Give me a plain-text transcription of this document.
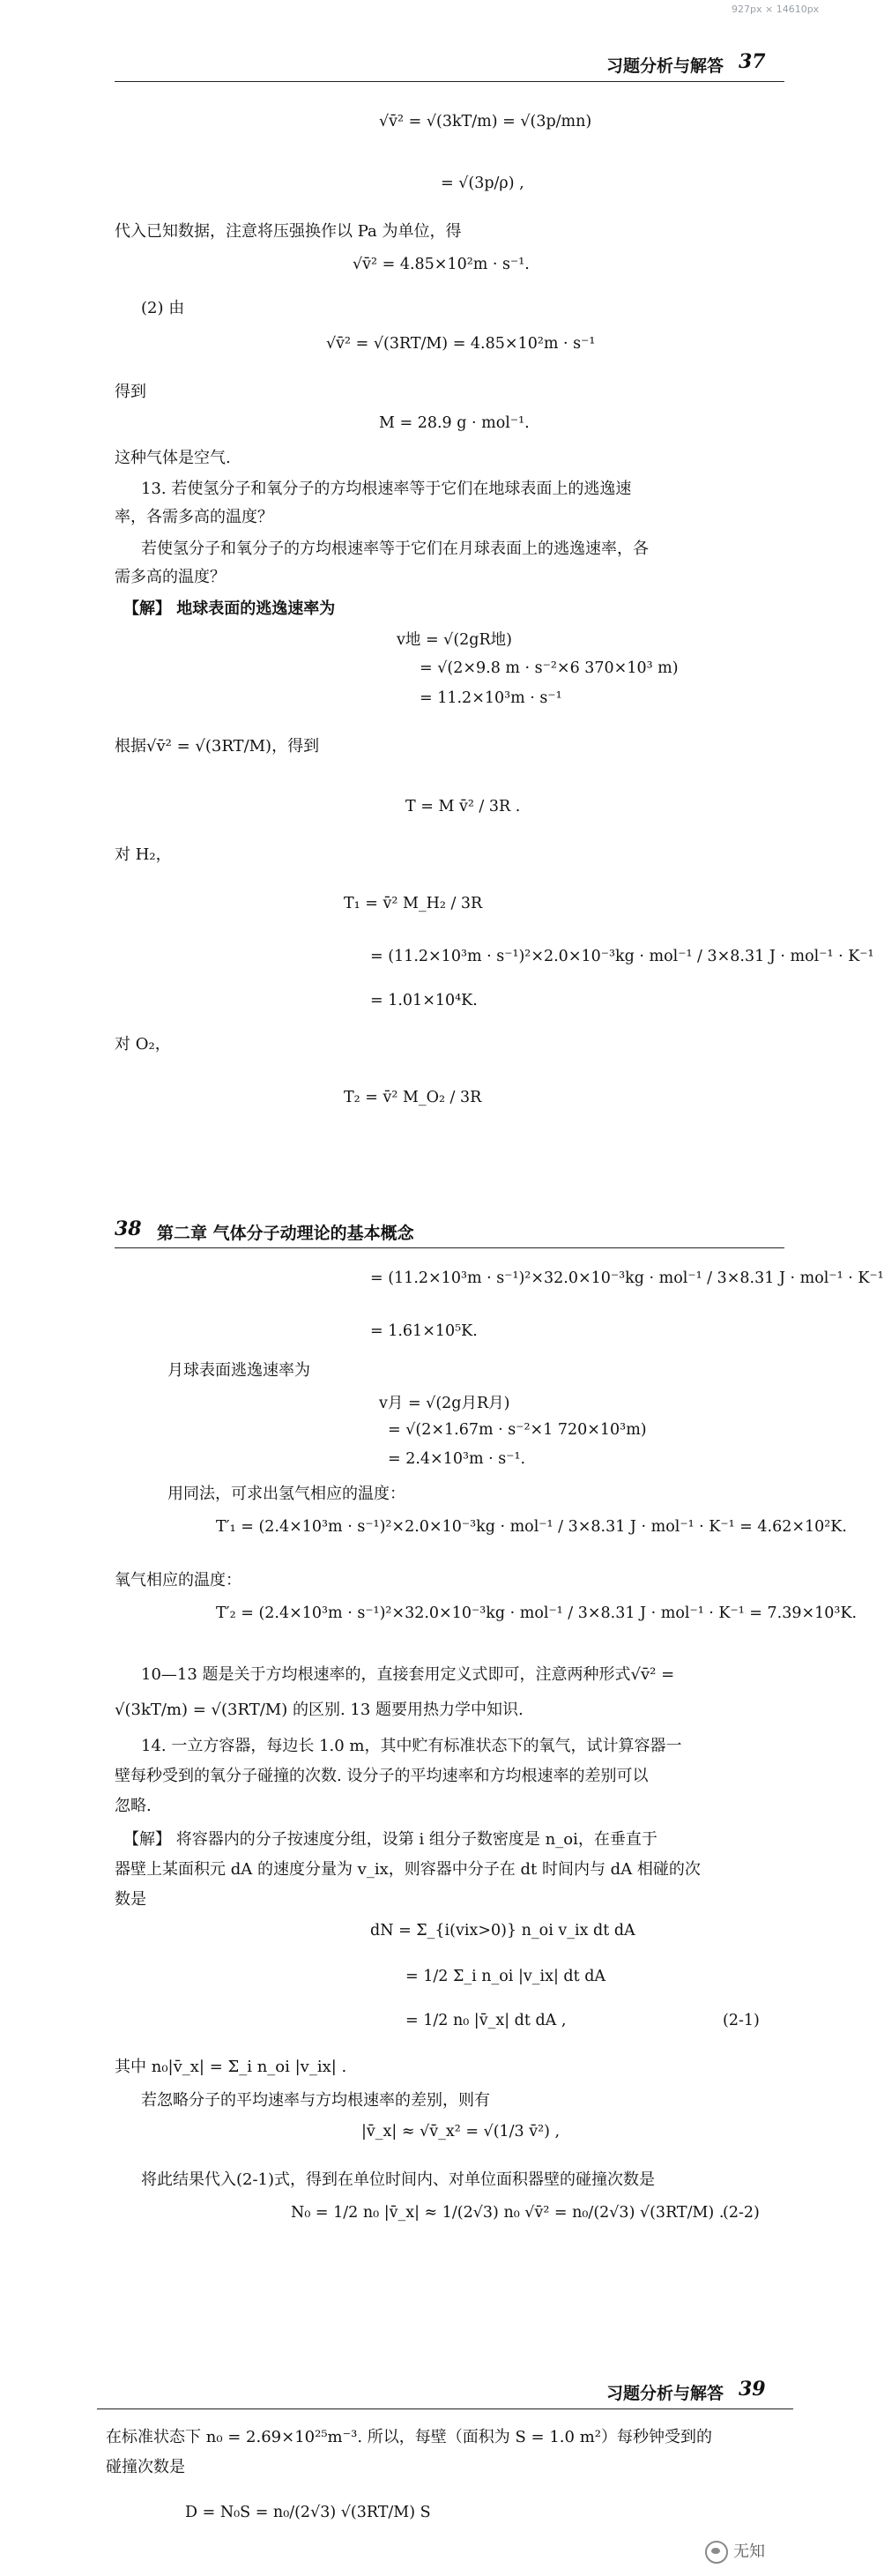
927px × 14610px
习题分析与解答 37
√v̄² = √(3kT/m) = √(3p/mn)
= √(3p/ρ) ,
代入已知数据，注意将压强换作以 Pa 为单位，得
√v̄² = 4.85×10²m · s⁻¹.
(2) 由
√v̄² = √(3RT/M) = 4.85×10²m · s⁻¹
得到
M = 28.9 g · mol⁻¹.
这种气体是空气.
13. 若使氢分子和氧分子的方均根速率等于它们在地球表面上的逃逸速
率，各需多高的温度？
若使氢分子和氧分子的方均根速率等于它们在月球表面上的逃逸速率，各
需多高的温度？
【解】 地球表面的逃逸速率为
v地 = √(2gR地)
= √(2×9.8 m · s⁻²×6 370×10³ m)
= 11.2×10³m · s⁻¹
根据√v̄² = √(3RT/M)，得到
T = M v̄² / 3R .
对 H₂，
T₁ = v̄² M_H₂ / 3R
= (11.2×10³m · s⁻¹)²×2.0×10⁻³kg · mol⁻¹ / 3×8.31 J · mol⁻¹ · K⁻¹
= 1.01×10⁴K.
对 O₂，
T₂ = v̄² M_O₂ / 3R
38 第二章 气体分子动理论的基本概念
= (11.2×10³m · s⁻¹)²×32.0×10⁻³kg · mol⁻¹ / 3×8.31 J · mol⁻¹ · K⁻¹
= 1.61×10⁵K.
月球表面逃逸速率为
v月 = √(2g月R月)
= √(2×1.67m · s⁻²×1 720×10³m)
= 2.4×10³m · s⁻¹.
用同法，可求出氢气相应的温度：
T′₁ = (2.4×10³m · s⁻¹)²×2.0×10⁻³kg · mol⁻¹ / 3×8.31 J · mol⁻¹ · K⁻¹ = 4.62×10²K.
氧气相应的温度：
T′₂ = (2.4×10³m · s⁻¹)²×32.0×10⁻³kg · mol⁻¹ / 3×8.31 J · mol⁻¹ · K⁻¹ = 7.39×10³K.
10—13 题是关于方均根速率的，直接套用定义式即可，注意两种形式√v̄² =
√(3kT/m) = √(3RT/M) 的区别. 13 题要用热力学中知识.
14. 一立方容器，每边长 1.0 m，其中贮有标准状态下的氧气，试计算容器一
壁每秒受到的氧分子碰撞的次数. 设分子的平均速率和方均根速率的差别可以
忽略.
【解】 将容器内的分子按速度分组，设第 i 组分子数密度是 n_oi，在垂直于
器壁上某面积元 dA 的速度分量为 v_ix，则容器中分子在 dt 时间内与 dA 相碰的次
数是
dN = Σ_{i(vix>0)} n_oi v_ix dt dA
= 1/2 Σ_i n_oi |v_ix| dt dA
= 1/2 n₀ |v̄_x| dt dA ,	(2-1)
其中 n₀|v̄_x| = Σ_i n_oi |v_ix| .
若忽略分子的平均速率与方均根速率的差别，则有
|v̄_x| ≈ √v̄_x² = √(1/3 v̄²) ,
将此结果代入(2-1)式，得到在单位时间内、对单位面积器壁的碰撞次数是
N₀ = 1/2 n₀ |v̄_x| ≈ 1/(2√3) n₀ √v̄² = n₀/(2√3) √(3RT/M) .
(2-2)
习题分析与解答 39
在标准状态下 n₀ = 2.69×10²⁵m⁻³. 所以，每壁（面积为 S = 1.0 m²）每秒钟受到的
碰撞次数是
D = N₀S = n₀/(2√3) √(3RT/M) S
无知
